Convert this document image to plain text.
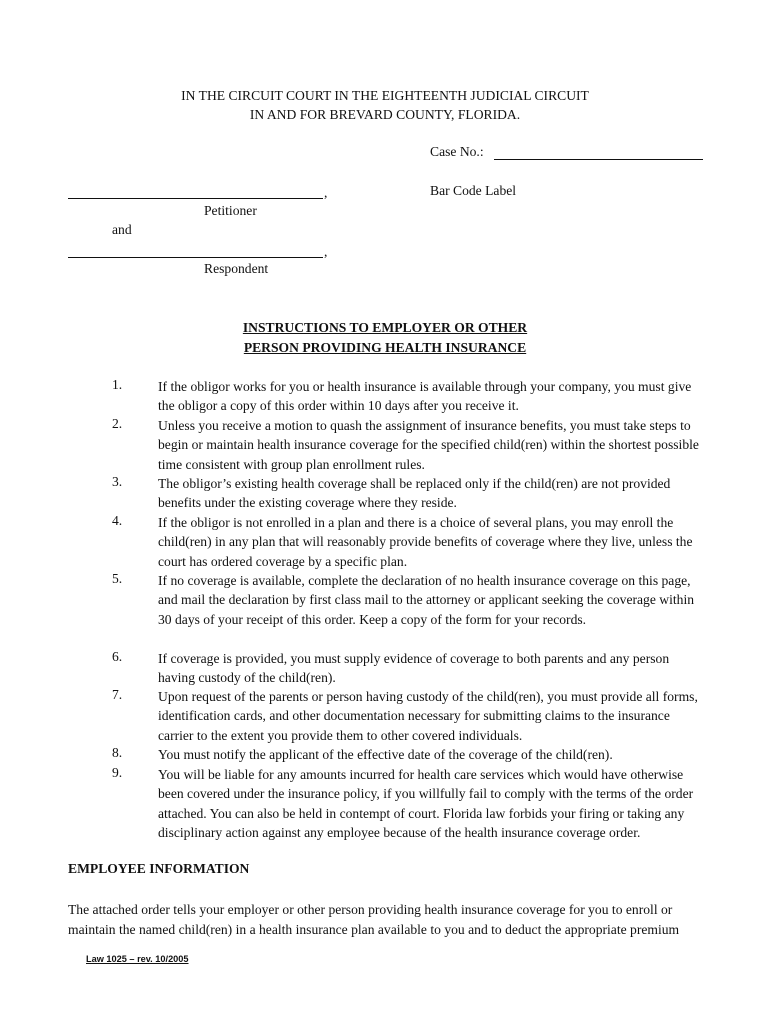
IN THE CIRCUIT COURT IN THE EIGHTEENTH JUDICIAL CIRCUIT
IN AND FOR BREVARD COUNTY, FLORIDA.
Case No.:
Bar Code Label
,
Petitioner
and
,
Respondent
INSTRUCTIONS TO EMPLOYER OR OTHER
PERSON PROVIDING HEALTH INSURANCE
1.	If the obligor works for you or health insurance is available through your company, you must give the obligor a copy of this order within 10 days after you receive it.
2.	Unless you receive a motion to quash the assignment of insurance benefits, you must take steps to begin or maintain health insurance coverage for the specified child(ren) within the shortest possible time consistent with group plan enrollment rules.
3.	The obligor’s existing health coverage shall be replaced only if the child(ren) are not provided benefits under the existing coverage where they reside.
4.	If the obligor is not enrolled in a plan and there is a choice of several plans, you may enroll the child(ren) in any plan that will reasonably provide benefits of coverage where they live, unless the court has ordered coverage by a specific plan.
5.	If no coverage is available, complete the declaration of no health insurance coverage on this page, and mail the declaration by first class mail to the attorney or applicant seeking the coverage within 30 days of your receipt of this order. Keep a copy of the form for your records.
6.	If coverage is provided, you must supply evidence of coverage to both parents and any person having custody of the child(ren).
7.	Upon request of the parents or person having custody of the child(ren), you must provide all forms, identification cards, and other documentation necessary for submitting claims to the insurance carrier to the extent you provide them to other covered individuals.
8.	You must notify the applicant of the effective date of the coverage of the child(ren).
9.	You will be liable for any amounts incurred for health care services which would have otherwise been covered under the insurance policy, if you willfully fail to comply with the terms of the order attached. You can also be held in contempt of court. Florida law forbids your firing or taking any disciplinary action against any employee because of the health insurance coverage order.
EMPLOYEE INFORMATION
The attached order tells your employer or other person providing health insurance coverage for you to enroll or maintain the named child(ren) in a health insurance plan available to you and to deduct the appropriate premium
Law 1025 – rev. 10/2005
